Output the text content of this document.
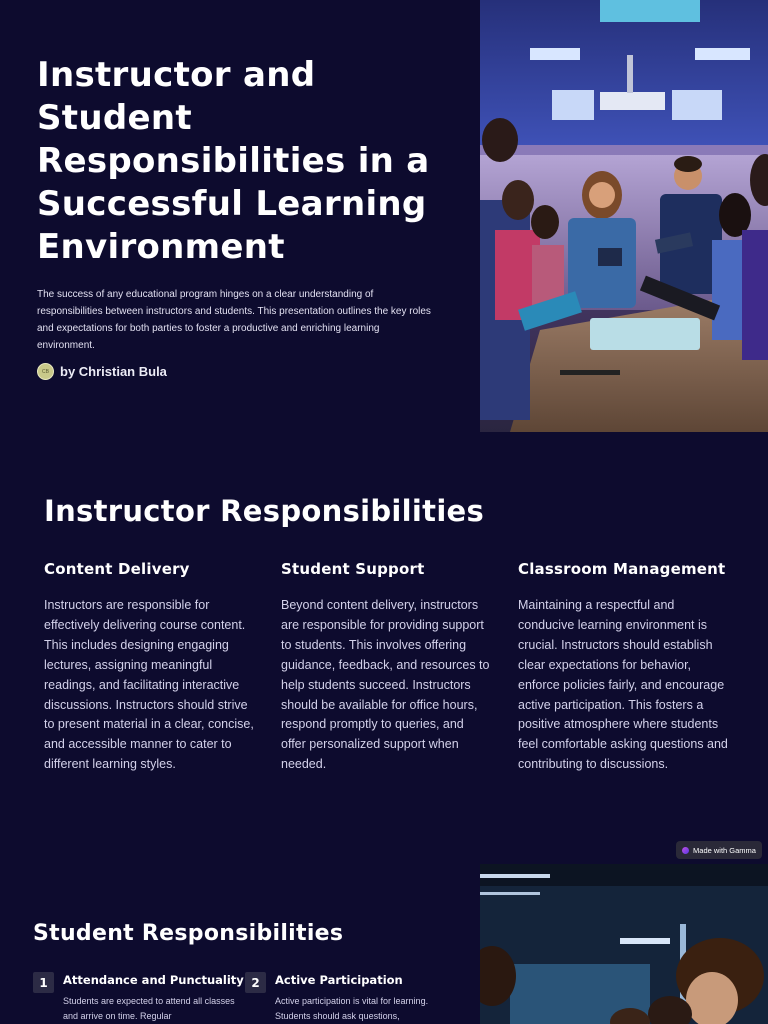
Instructor and Student Responsibilities in a Successful Learning Environment

The success of any educational program hinges on a clear understanding of responsibilities between instructors and students. This presentation outlines the key roles and expectations for both parties to foster a productive and enriching learning environment.

CB by Christian Bula
Instructor Responsibilities
Content Delivery

Instructors are responsible for effectively delivering course content. This includes designing engaging lectures, assigning meaningful readings, and facilitating interactive discussions. Instructors should strive to present material in a clear, concise, and accessible manner to cater to different learning styles.

Student Support

Beyond content delivery, instructors are responsible for providing support to students. This involves offering guidance, feedback, and resources to help students succeed. Instructors should be available for office hours, respond promptly to queries, and offer personalized support when needed.

Classroom Management

Maintaining a respectful and conducive learning environment is crucial. Instructors should establish clear expectations for behavior, enforce policies fairly, and encourage active participation. This fosters a positive atmosphere where students feel comfortable asking questions and contributing to discussions.

Made with Gamma
Student Responsibilities
1	Attendance and Punctuality

Students are expected to attend all classes and arrive on time. Regular

2	Active Participation

Active participation is vital for learning. Students should ask questions,
